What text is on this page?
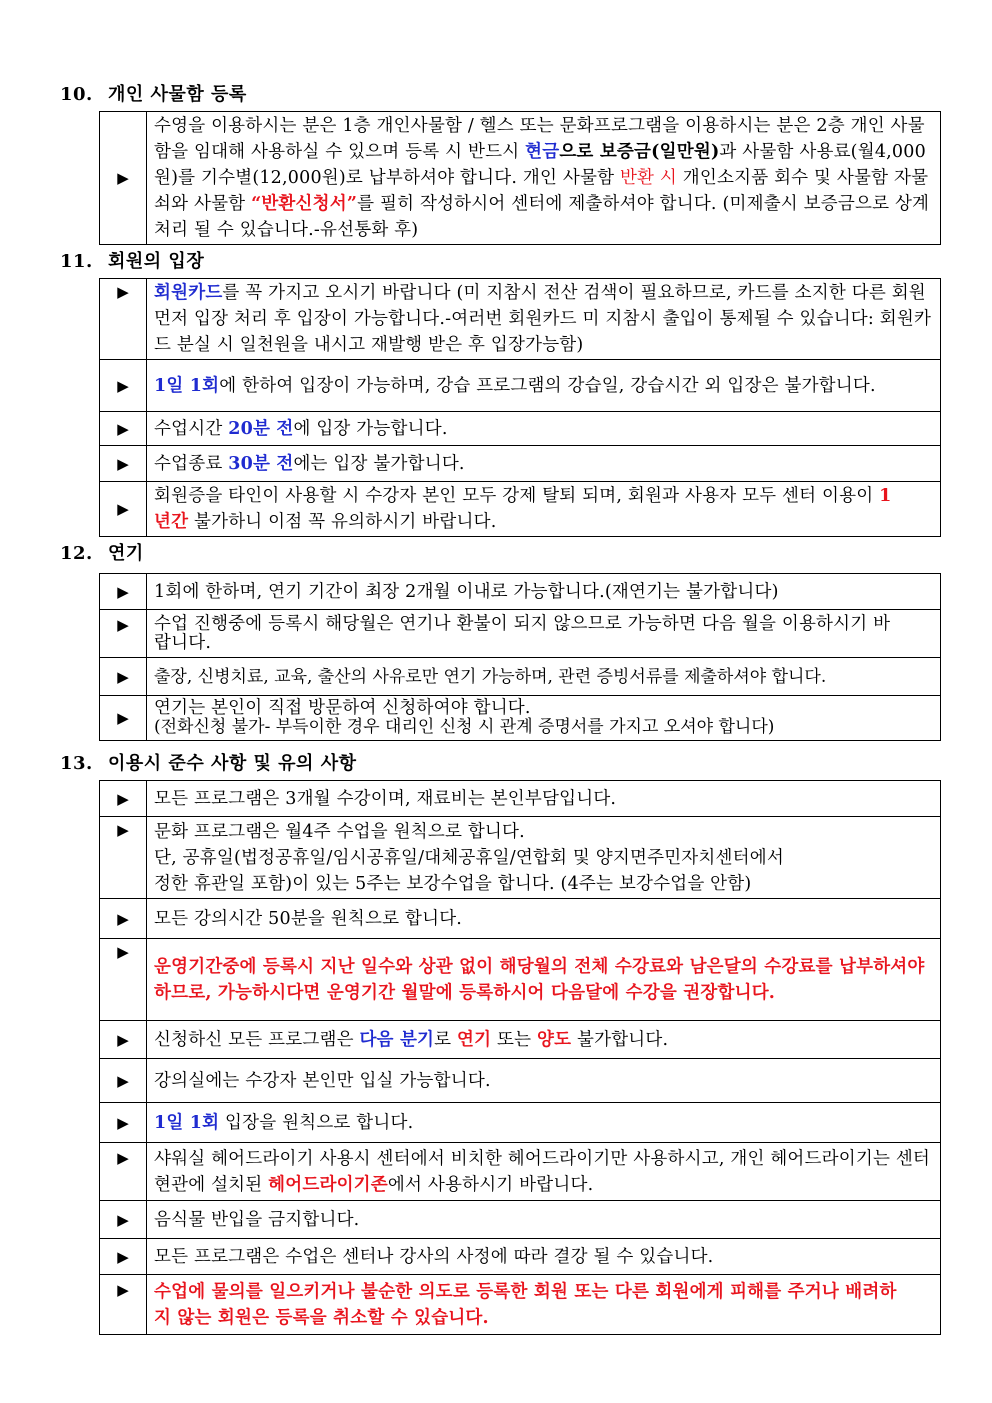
10. 개인 사물함 등록
▶	수영을 이용하시는 분은 1층 개인사물함 / 헬스 또는 문화프로그램을 이용하시는 분은 2층 개인 사물함을 임대해 사용하실 수 있으며 등록 시 반드시 현금으로 보증금(일만원)과 사물함 사용료(월4,000원)를 기수별(12,000원)로 납부하셔야 합니다. 개인 사물함 반환 시 개인소지품 회수 및 사물함 자물쇠와 사물함 “반환신청서”를 필히 작성하시어 센터에 제출하셔야 합니다. (미제출시 보증금으로 상계처리 될 수 있습니다.-유선통화 후)
11. 회원의 입장
▶	회원카드를 꼭 가지고 오시기 바랍니다 (미 지참시 전산 검색이 필요하므로, 카드를 소지한 다른 회원 먼저 입장 처리 후 입장이 가능합니다.-여러번 회원카드 미 지참시 출입이 통제될 수 있습니다: 회원카드 분실 시 일천원을 내시고 재발행 받은 후 입장가능함)
▶	1일 1회에 한하여 입장이 가능하며, 강습 프로그램의 강습일, 강습시간 외 입장은 불가합니다.
▶	수업시간 20분 전에 입장 가능합니다.
▶	수업종료 30분 전에는 입장 불가합니다.
▶	회원증을 타인이 사용할 시 수강자 본인 모두 강제 탈퇴 되며, 회원과 사용자 모두 센터 이용이 1년간 불가하니 이점 꼭 유의하시기 바랍니다.
12. 연기
▶	1회에 한하며, 연기 기간이 최장 2개월 이내로 가능합니다.(재연기는 불가합니다)
▶	수업 진행중에 등록시 해당월은 연기나 환불이 되지 않으므로 가능하면 다음 월을 이용하시기 바랍니다.
▶	출장, 신병치료, 교육, 출산의 사유로만 연기 가능하며, 관련 증빙서류를 제출하셔야 합니다.
▶	연기는 본인이 직접 방문하여 신청하여야 합니다.
(전화신청 불가- 부득이한 경우 대리인 신청 시 관계 증명서를 가지고 오셔야 합니다)
13. 이용시 준수 사항 및 유의 사항
▶	모든 프로그램은 3개월 수강이며, 재료비는 본인부담입니다.
▶	문화 프로그램은 월4주 수업을 원칙으로 합니다.
단, 공휴일(법정공휴일/임시공휴일/대체공휴일/연합회 및 양지면주민자치센터에서
정한 휴관일 포함)이 있는 5주는 보강수업을 합니다. (4주는 보강수업을 안함)

▶	모든 강의시간 50분을 원칙으로 합니다.
▶	운영기간중에 등록시 지난 일수와 상관 없이 해당월의 전체 수강료와 남은달의 수강료를 납부하셔야 하므로, 가능하시다면 운영기간 월말에 등록하시어 다음달에 수강을 권장합니다.
▶	신청하신 모든 프로그램은 다음 분기로 연기 또는 양도 불가합니다.
▶	강의실에는 수강자 본인만 입실 가능합니다.
▶	1일 1회 입장을 원칙으로 합니다.
▶	샤워실 헤어드라이기 사용시 센터에서 비치한 헤어드라이기만 사용하시고, 개인 헤어드라이기는 센터 현관에 설치된 헤어드라이기존에서 사용하시기 바랍니다.
▶	음식물 반입을 금지합니다.
▶	모든 프로그램은 수업은 센터나 강사의 사정에 따라 결강 될 수 있습니다.
▶	수업에 물의를 일으키거나 불순한 의도로 등록한 회원 또는 다른 회원에게 피해를 주거나 배려하지 않는 회원은 등록을 취소할 수 있습니다.
